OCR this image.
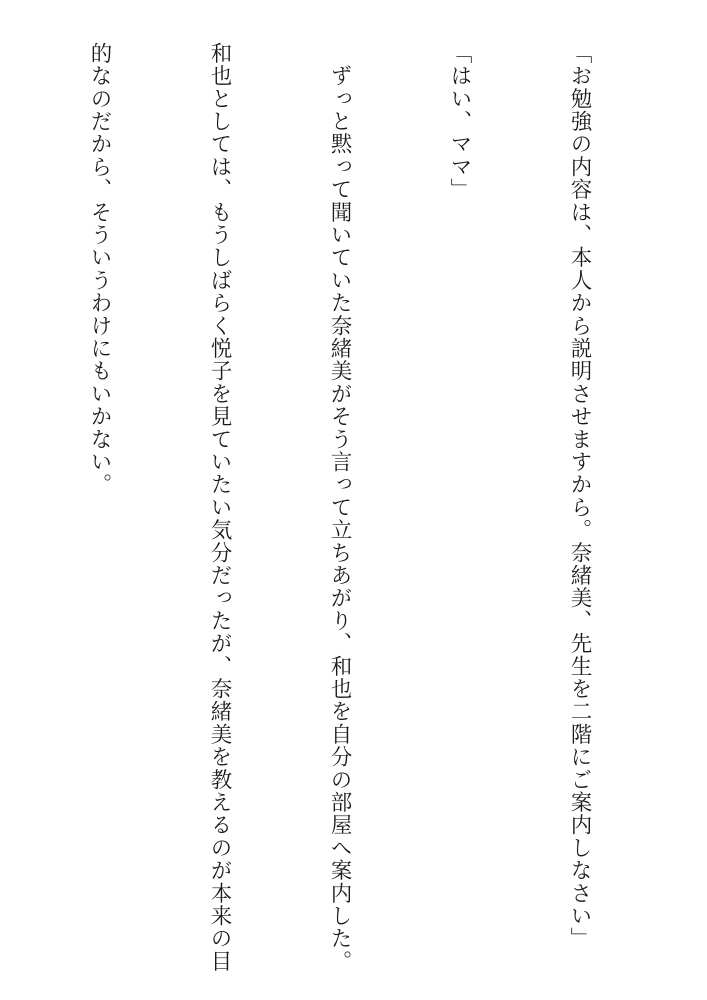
「お勉強の内容は、本人から説明させますから。奈緒美、先生を二階にご案内しなさい」

「はい、ママ」

　ずっと黙って聞いていた奈緒美がそう言って立ちあがり、和也を自分の部屋へ案内した。

和也としては、もうしばらく悦子を見ていたい気分だったが、奈緒美を教えるのが本来の目

的なのだから、そういうわけにもいかない。
